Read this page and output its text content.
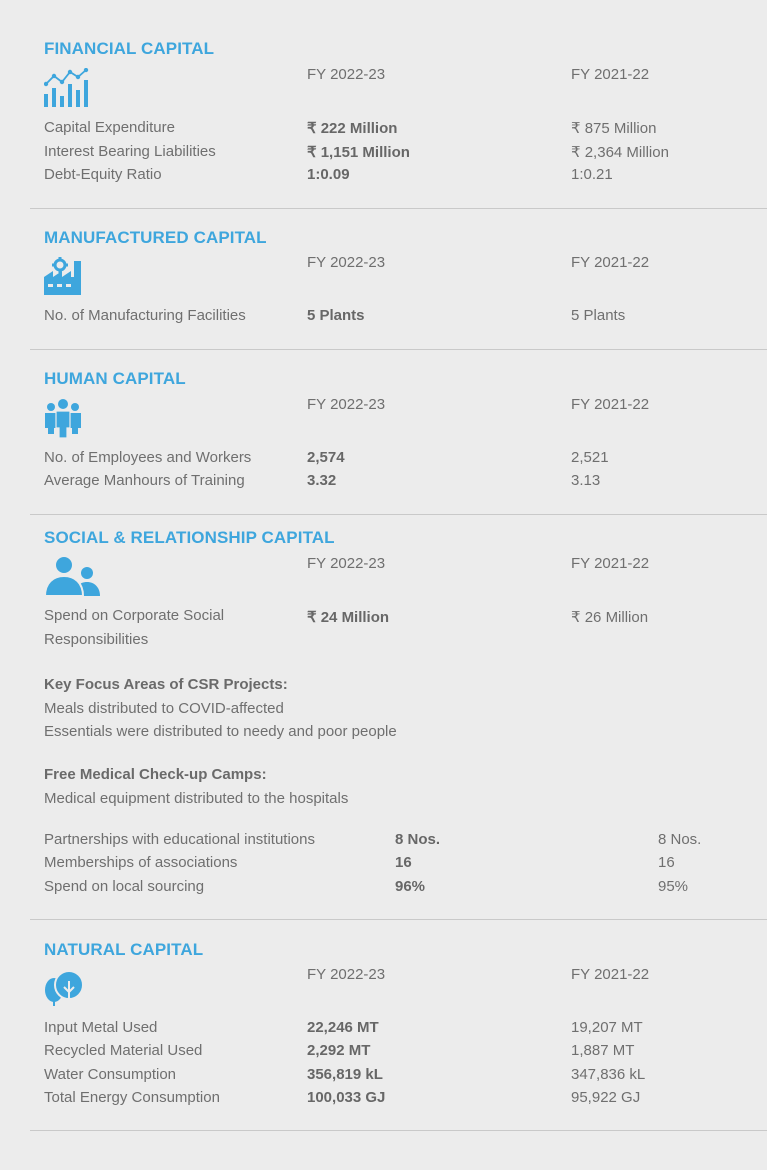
FINANCIAL CAPITAL
FY 2022-23	FY 2021-22
Capital Expenditure	₹ 222 Million	₹ 875 Million
Interest Bearing Liabilities	₹ 1,151 Million	₹ 2,364 Million
Debt-Equity Ratio	1:0.09	1:0.21
MANUFACTURED CAPITAL
FY 2022-23	FY 2021-22
No. of Manufacturing Facilities	5 Plants	5 Plants
HUMAN CAPITAL
FY 2022-23	FY 2021-22
No. of Employees and Workers	2,574	2,521
Average Manhours of Training	3.32	3.13
SOCIAL & RELATIONSHIP CAPITAL
FY 2022-23	FY 2021-22
Spend on Corporate Social
Responsibilities
₹ 24 Million	₹ 26 Million
Key Focus Areas of CSR Projects:
Meals distributed to COVID-affected
Essentials were distributed to needy and poor people
Free Medical Check-up Camps:
Medical equipment distributed to the hospitals
Partnerships with educational institutions	8 Nos.	8 Nos.
Memberships of associations	16	16
Spend on local sourcing	96%	95%
NATURAL CAPITAL
FY 2022-23	FY 2021-22
Input Metal Used	22,246 MT	19,207 MT
Recycled Material Used	2,292 MT	1,887 MT
Water Consumption	356,819 kL	347,836 kL
Total Energy Consumption	100,033 GJ	95,922 GJ
